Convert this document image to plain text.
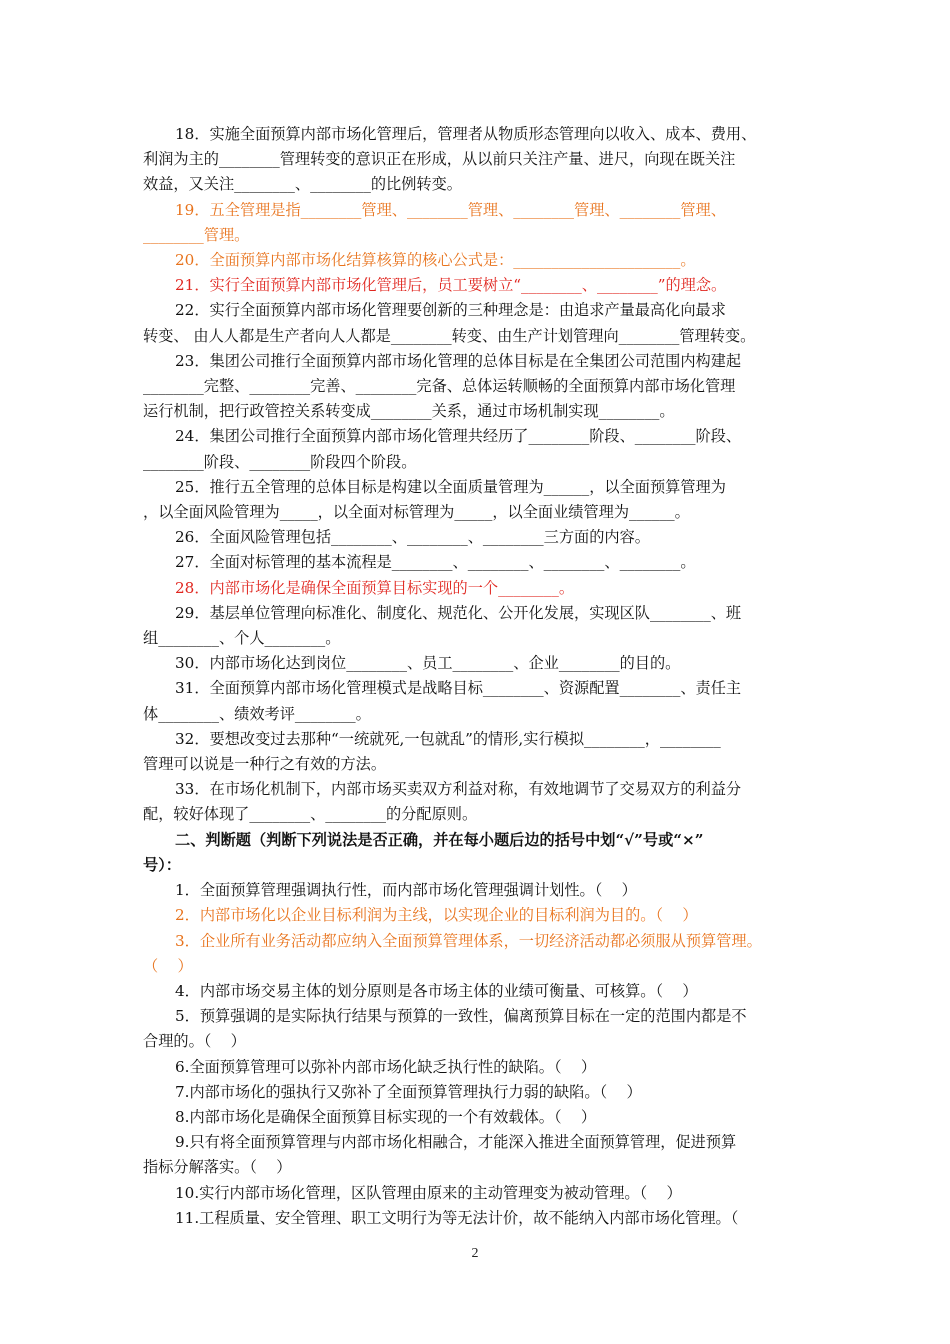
18．实施全面预算内部市场化管理后，管理者从物质形态管理向以收入、成本、费用、

利润为主的________管理转变的意识正在形成，从以前只关注产量、进尺，向现在既关注

效益，又关注________、________的比例转变。

19．五全管理是指________管理、________管理、________管理、________管理、

________管理。

20．全面预算内部市场化结算核算的核心公式是：______________________。

21．实行全面预算内部市场化管理后，员工要树立“________、________”的理念。

22．实行全面预算内部市场化管理要创新的三种理念是：由追求产量最高化向最求

转变、 由人人都是生产者向人人都是________转变、由生产计划管理向________管理转变。

23．集团公司推行全面预算内部市场化管理的总体目标是在全集团公司范围内构建起

________完整、________完善、________完备、总体运转顺畅的全面预算内部市场化管理

运行机制，把行政管控关系转变成________关系，通过市场机制实现________。

24．集团公司推行全面预算内部市场化管理共经历了________阶段、________阶段、

________阶段、________阶段四个阶段。

25．推行五全管理的总体目标是构建以全面质量管理为______，以全面预算管理为

，以全面风险管理为_____，以全面对标管理为_____，以全面业绩管理为______。

26．全面风险管理包括________、________、________三方面的内容。

27．全面对标管理的基本流程是________、________、________、________。

28．内部市场化是确保全面预算目标实现的一个________。

29．基层单位管理向标准化、制度化、规范化、公开化发展，实现区队________、班

组________、个人________。

30．内部市场化达到岗位________、员工________、企业________的目的。

31．全面预算内部市场化管理模式是战略目标________、资源配置________、责任主

体________、绩效考评________。

32．要想改变过去那种“一统就死,一包就乱”的情形,实行模拟________，________

管理可以说是一种行之有效的方法。

33．在市场化机制下，内部市场买卖双方利益对称，有效地调节了交易双方的利益分

配，较好体现了________、________的分配原则。

二、判断题（判断下列说法是否正确，并在每小题后边的括号中划“√”号或“×”

号）：

1．全面预算管理强调执行性，而内部市场化管理强调计划性。（    ）

2．内部市场化以企业目标利润为主线，以实现企业的目标利润为目的。（    ）

3．企业所有业务活动都应纳入全面预算管理体系，一切经济活动都必须服从预算管理。

（    ）

4．内部市场交易主体的划分原则是各市场主体的业绩可衡量、可核算。（    ）

5．预算强调的是实际执行结果与预算的一致性，偏离预算目标在一定的范围内都是不

合理的。（    ）

6.全面预算管理可以弥补内部市场化缺乏执行性的缺陷。（    ）

7.内部市场化的强执行又弥补了全面预算管理执行力弱的缺陷。（    ）

8.内部市场化是确保全面预算目标实现的一个有效载体。（    ）

9.只有将全面预算管理与内部市场化相融合，才能深入推进全面预算管理，促进预算

指标分解落实。（    ）

10.实行内部市场化管理，区队管理由原来的主动管理变为被动管理。（    ）

11.工程质量、安全管理、职工文明行为等无法计价，故不能纳入内部市场化管理。（

2
